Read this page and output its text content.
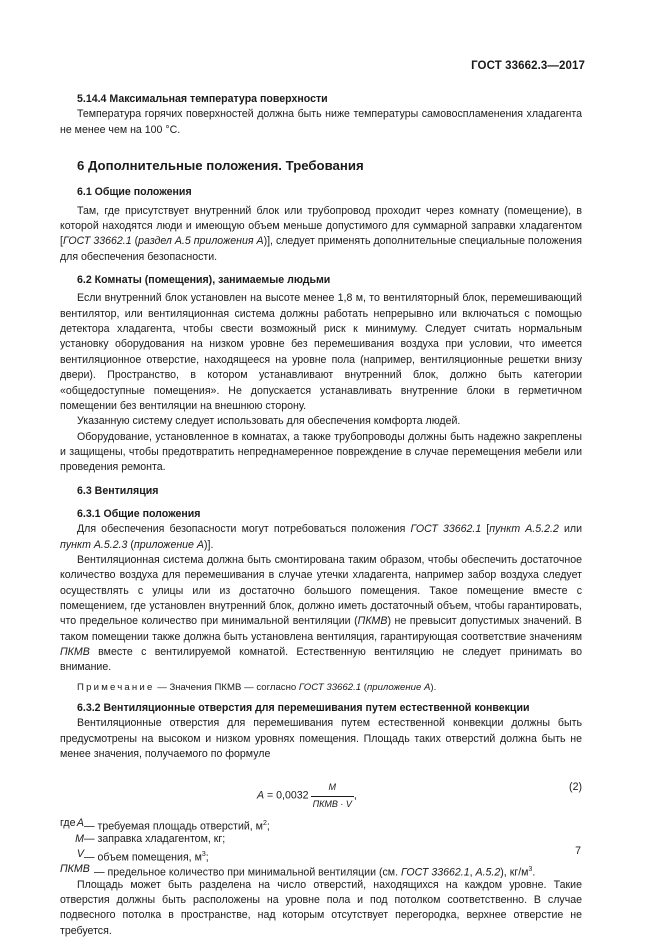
ГОСТ 33662.3—2017
5.14.4 Максимальная температура поверхности

Температура горячих поверхностей должна быть ниже температуры самовоспламенения хладагента не менее чем на 100 °С.

6 Дополнительные положения. Требования
6.1 Общие положения

Там, где присутствует внутренний блок или трубопровод проходит через комнату (помещение), в которой находятся люди и имеющую объем меньше допустимого для суммарной заправки хладагентом [ГОСТ 33662.1 (раздел А.5 приложения А)], следует применять дополнительные специальные положения для обеспечения безопасности.

6.2 Комнаты (помещения), занимаемые людьми

Если внутренний блок установлен на высоте менее 1,8 м, то вентиляторный блок, перемешивающий вентилятор, или вентиляционная система должны работать непрерывно или включаться с помощью детектора хладагента, чтобы свести возможный риск к минимуму. Следует считать нормальным установку оборудования на низком уровне без перемешивания воздуха при условии, что имеется вентиляционное отверстие, находящееся на уровне пола (например, вентиляционные решетки внизу двери). Пространство, в котором устанавливают внутренний блок, должно быть категории «общедоступные помещения». Не допускается устанавливать внутренние блоки в герметичном помещении без вентиляции на внешнюю сторону.

Указанную систему следует использовать для обеспечения комфорта людей.

Оборудование, установленное в комнатах, а также трубопроводы должны быть надежно закреплены и защищены, чтобы предотвратить непреднамеренное повреждение в случае перемещения мебели или проведения ремонта.

6.3 Вентиляция
6.3.1 Общие положения

Для обеспечения безопасности могут потребоваться положения ГОСТ 33662.1 [пункт А.5.2.2 или пункт А.5.2.3 (приложение А)].

Вентиляционная система должна быть смонтирована таким образом, чтобы обеспечить достаточное количество воздуха для перемешивания в случае утечки хладагента, например забор воздуха следует осуществлять с улицы или из достаточно большого помещения. Такое помещение вместе с помещением, где установлен внутренний блок, должно иметь достаточный объем, чтобы гарантировать, что предельное количество при минимальной вентиляции (ПКМВ) не превысит допустимых значений. В таком помещении также должна быть установлена вентиляция, гарантирующая соответствие значениям ПКМВ вместе с вентилируемой комнатой. Естественную вентиляцию не следует принимать во внимание.

Примечание — Значения ПКМВ — согласно ГОСТ 33662.1 (приложение А).
6.3.2 Вентиляционные отверстия для перемешивания путем естественной конвекции

Вентиляционные отверстия для перемешивания путем естественной конвекции должны быть предусмотрены на высоком и низком уровнях помещения. Площадь таких отверстий должна быть не менее значения, получаемого по формуле

$A = 0,0032 \frac{M}{\text{ПКМВ · V}}$ ,
(2)
где A — требуемая площадь отверстий, $м^2$;
M — заправка хладагентом, кг;
V — объем помещения, $м^3$;
ПКМВ — предельное количество при минимальной вентиляции (см. ГОСТ 33662.1, А.5.2), $кг/м^3$.

Площадь может быть разделена на число отверстий, находящихся на каждом уровне. Такие отверстия должны быть расположены на уровне пола и под потолком соответственно. В случае подвесного потолка в пространстве, над которым отсутствует перегородка, верхнее отверстие не требуется.

7
